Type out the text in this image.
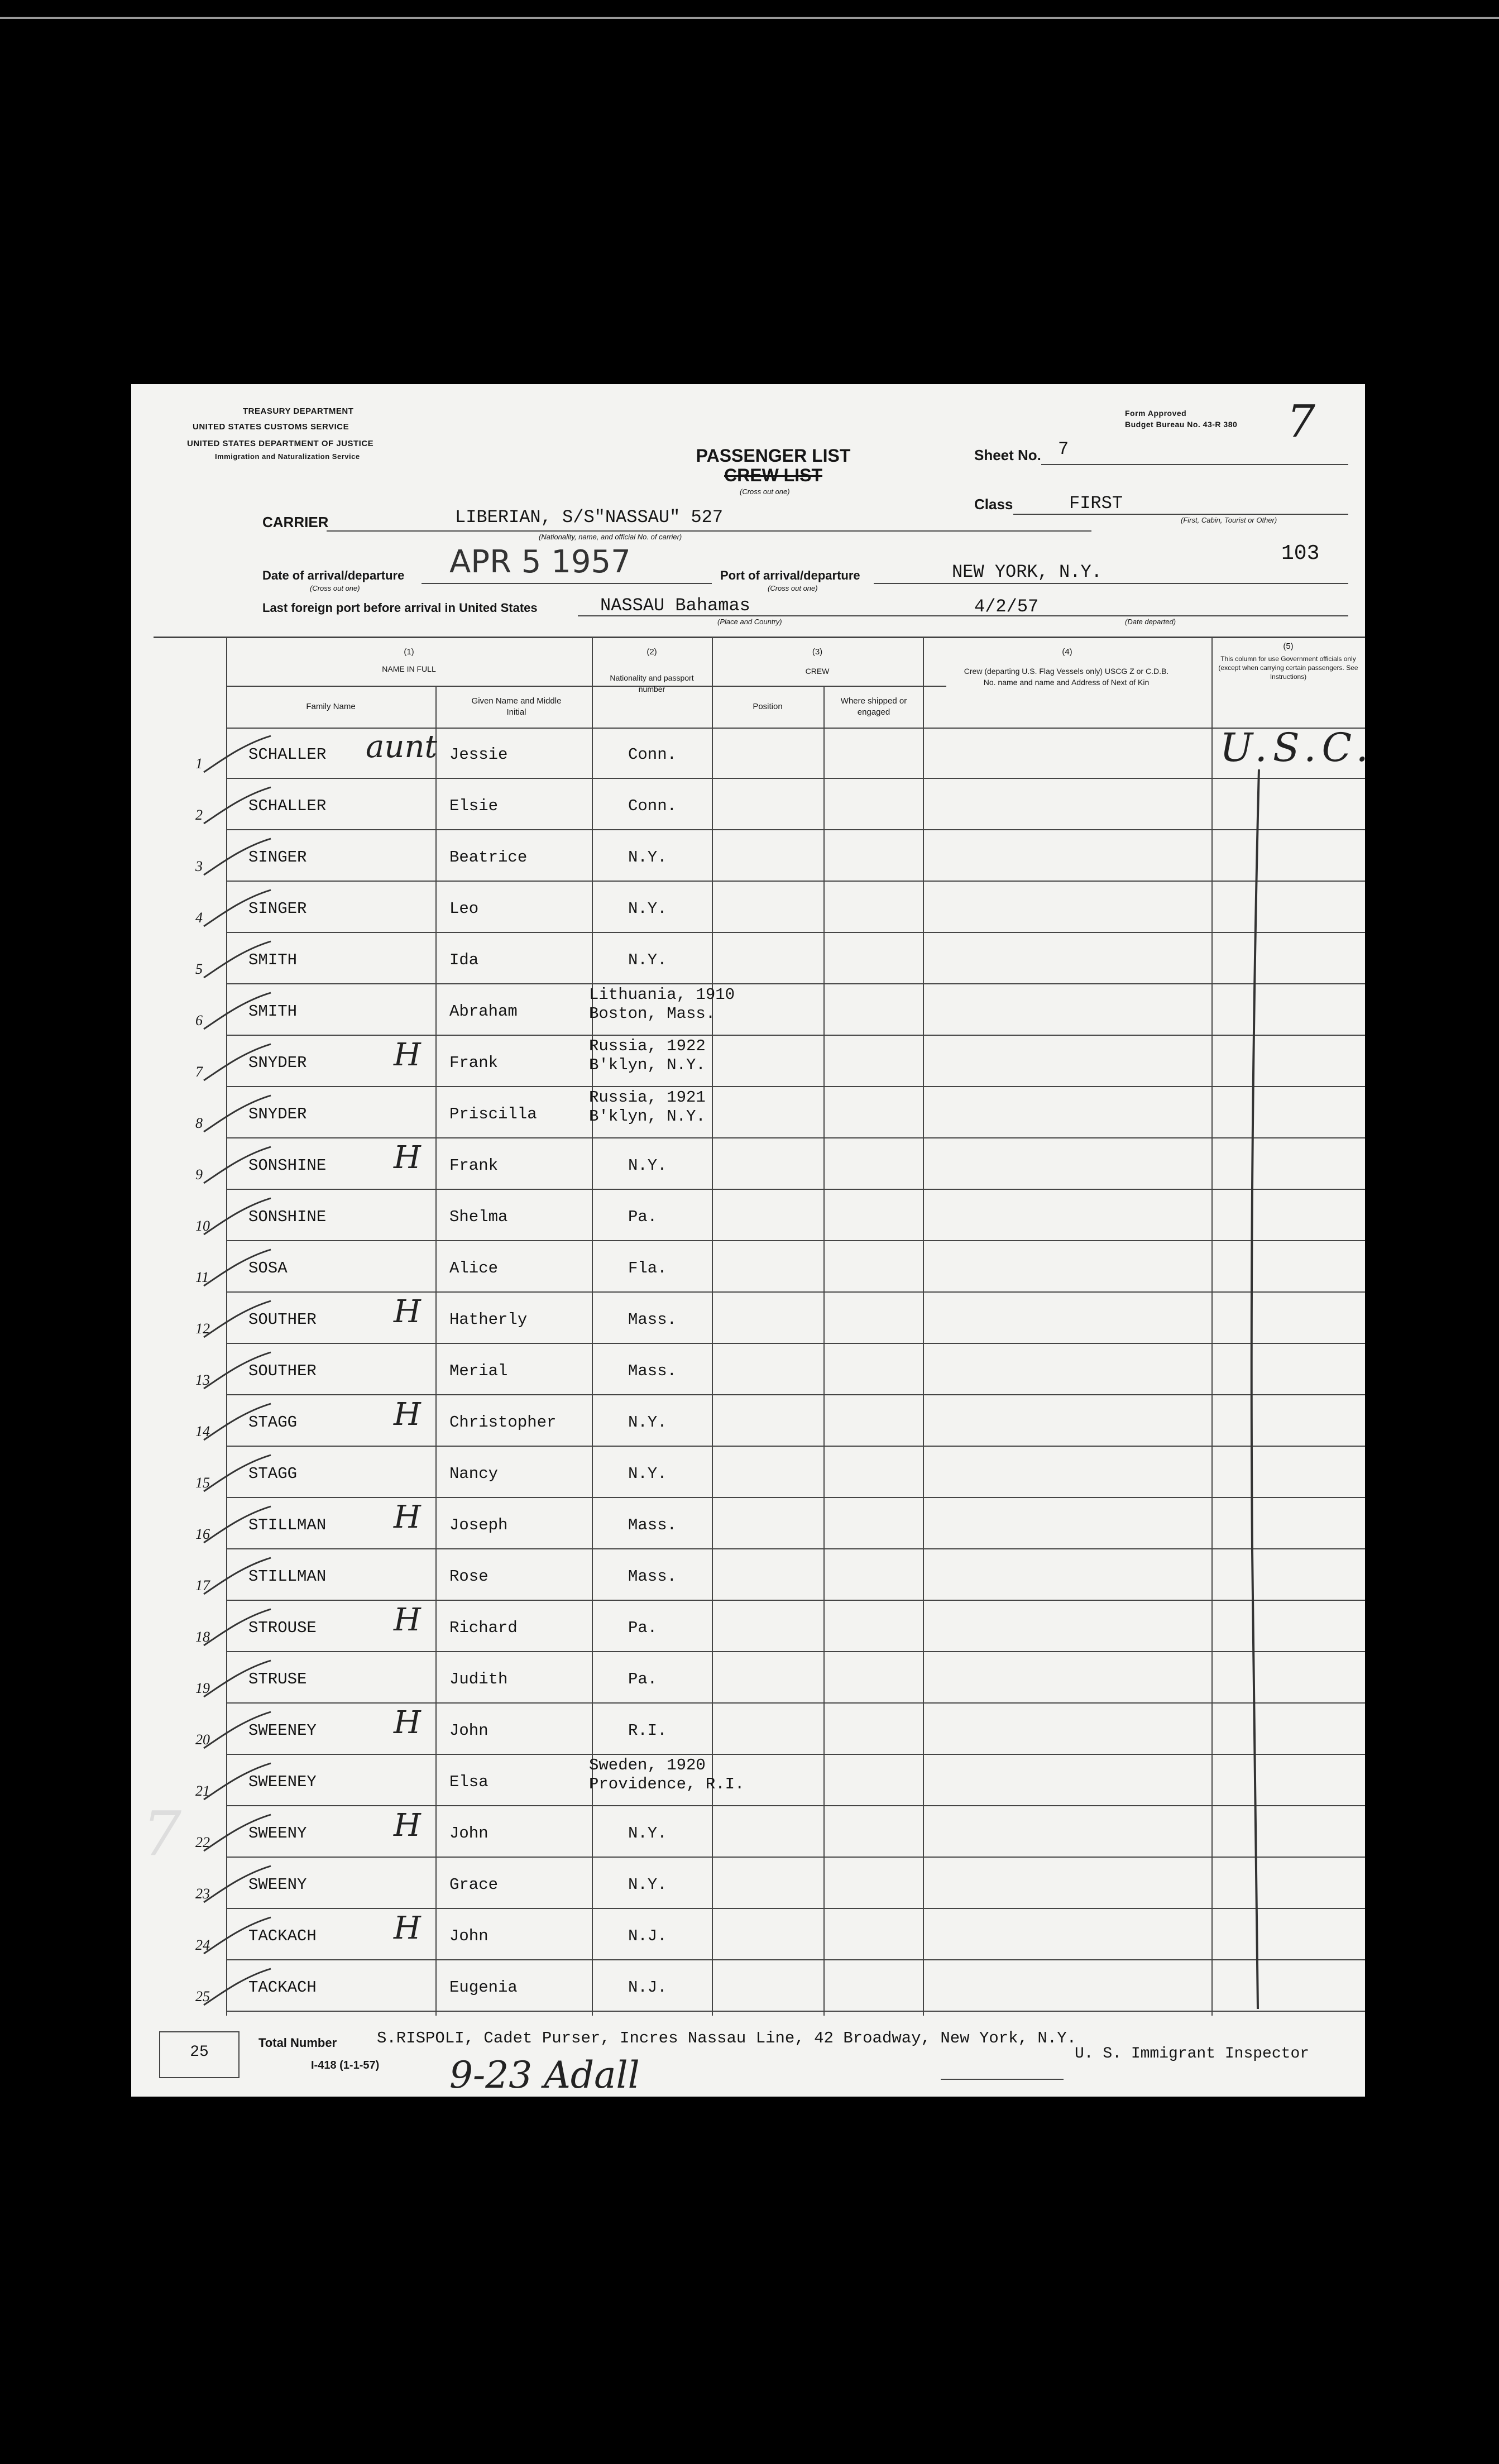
TREASURY DEPARTMENT
UNITED STATES CUSTOMS SERVICE
UNITED STATES DEPARTMENT OF JUSTICE
Immigration and Naturalization Service
Form Approved
Budget Bureau No. 43-R 380 7
PASSENGER LIST
CREW LIST
(Cross out one)
Sheet No. 7
Class	FIRST
(First, Cabin, Tourist or Other)
CARRIER	LIBERIAN, S/S"NASSAU" 527
(Nationality, name, and official No. of carrier)
Date of arrival/departure
(Cross out one)
APR 5 1957	Port of arrival/departure
(Cross out one)
NEW YORK, N.Y.
103
Last foreign port before arrival in United States	NASSAU Bahamas
(Place and Country)
4/2/57
(Date departed)
(1)
NAME IN FULL
Family Name
Given Name and Middle Initial
(2)
Nationality and passport number
(3)
CREW
Position
Where shipped or engaged
(4)
Crew (departing U.S. Flag Vessels only) USCG Z or C.D.B. No. name and name and Address of Next of Kin
(5)
This column for use Government officials only (except when carrying certain passengers. See Instructions)
1	SCHALLER	Jessie	Conn.
aunt
2	SCHALLER	Elsie	Conn.
3	SINGER	Beatrice	N.Y.
4	SINGER	Leo	N.Y.
5	SMITH	Ida	N.Y.
6	SMITH	Abraham
Lithuania, 1910
Boston, Mass.
7	SNYDER	Frank
Russia, 1922
B'klyn, N.Y.
H
8	SNYDER	Priscilla
Russia, 1921
B'klyn, N.Y.
9	SONSHINE	Frank	N.Y.
H
10 SONSHINE	Shelma	Pa.
11 SOSA	Alice	Fla.
12 SOUTHER	Hatherly	Mass.
H
13 SOUTHER	Merial	Mass.
14 STAGG	Christopher	N.Y.
H
15 STAGG	Nancy	N.Y.
16 STILLMAN	Joseph	Mass.
H
17 STILLMAN	Rose	Mass.
18 STROUSE	Richard	Pa.
H
19 STRUSE	Judith	Pa.
20 SWEENEY	John	R.I.
H
21 SWEENEY	Elsa
Sweden, 1920
Providence, R.I.
22 SWEENY	John	N.Y.
H
23 SWEENY	Grace	N.Y.
24 TACKACH	John	N.J.
H
25 TACKACH	Eugenia	N.J.
U.S.C.
25
Total Number
I-418 (1-1-57)
S.RISPOLI, Cadet Purser, Incres Nassau Line, 42 Broadway, New York, N.Y.
9-23 Adall	U. S. Immigrant Inspector
7
